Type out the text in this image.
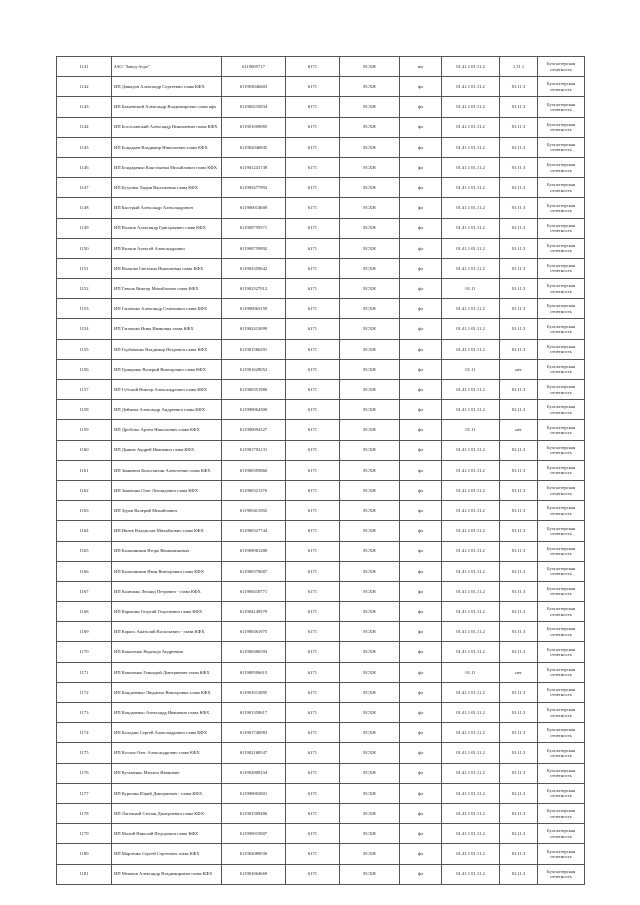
1141	ЗАО "Завод-Агро"	6119005717	6171	ЕСХН	юл	01.41.1 01.11.2	1.11.1	Бухгалтерская отчетность
1142	ИП Давыдов Александр Сергеевич глава КФХ	611903046603	6171	ЕСХН	фл	01.41.1 01.11.2	01.11.3	Бухгалтерская отчетность
1143	ИП Бакаевский Александр Владимирович глава кфх	611900235834	6171	ЕСХН	фл	01.41.1 01.11.2	01.11.3	Бухгалтерская отчетность
1144	ИП Богославский Александр Николаевич глава КФХ	611901009085	6171	ЕСХН	фл	01.41.1 01.11.2	01.11.3	Бухгалтерская отчетность
1145	ИП Бондарев Владимир Николаевич глава КФХ	611902046845	6171	ЕСХН	фл	01.41.1 01.11.2	01.11.3	Бухгалтерская отчетность
1146	ИП Бондаренко Константин Михайлович глава КФХ	611901241749	6171	ЕСХН	фл	01.41.1 01.11.2	01.11.3	Бухгалтерская отчетность
1147	ИП Бузулюк Лидия Васильевна глава КФХ	611905477992	6171	ЕСХН	фл	01.41.1 01.11.2	01.11.3	Бухгалтерская отчетность
1148	ИП Быстрый Александр Александрович	611900014600	6171	ЕСХН	фл	01.41.1 01.11.2	01.11.3	Бухгалтерская отчетность
1149	ИП Волков Александр Григорьевич глава КФХ	611900759571	6171	ЕСХН	фл	01.41.1 01.11.2	01.11.3	Бухгалтерская отчетность
1150	ИП Волков Алексей Александрович	611900759892	6171	ЕСХН	фл	01.41.1 01.11.2	01.11.3	Бухгалтерская отчетность
1151	ИП Волкова Светлана Николаевна глава КФХ	611902359642	6171	ЕСХН	фл	01.41.1 01.11.2	01.11.3	Бухгалтерская отчетность
1152	ИП Гаваль Виктор Михайлович глава КФХ	611902527012	6171	ЕСХН	фл	01.11	01.11.3	Бухгалтерская отчетность
1153	ИП Гапченко Александр Семенович глава КФХ	611900063159	6171	ЕСХН	фл	01.41.1 01.11.2	01.11.3	Бухгалтерская отчетность
1154	ИП Гапченко Нина Ивановна глава КФХ	611902413099	6171	ЕСХН	фл	01.41.1 01.11.2	01.11.3	Бухгалтерская отчетность
1155	ИП Горбаченко Владимир Петрович глава КФХ	611901566291	6171	ЕСХН	фл	01.41.1 01.11.2	01.11.3	Бухгалтерская отчетность
1156	ИП Грищенко Валерий Викторович глава КФХ	611901629052	6171	ЕСХН	фл	01.11	нет	Бухгалтерская отчетность
1157	ИП Губский Виктор Александрович глава КФХ	611900351980	6171	ЕСХН	фл	01.41.1 01.11.2	01.11.3	Бухгалтерская отчетность
1158	ИП Дейнека Александр Андреевич глава КФХ	611900064300	6171	ЕСХН	фл	01.41.1 01.11.2	01.11.3	Бухгалтерская отчетность
1159	ИП Дробітко Артем Николаевич глава КФХ	611900094327	6171	ЕСХН	фл	01.11	нет	Бухгалтерская отчетность
1160	ИП Дьяков Андрей Иванович глава КФХ	611901792131	6171	ЕСХН	фл	01.41.1 01.11.2	01.11.3	Бухгалтерская отчетность
1161	ИП Зинкевич Константин Алексеевич глава КФХ	611900395860	6171	ЕСХН	фл	01.41.1 01.11.2	01.11.3	Бухгалтерская отчетность
1162	ИП Зинченко Олег Леонидович глава КФХ	611900321370	6171	ЕСХН	фл	01.41.1 01.11.2	01.11.3	Бухгалтерская отчетность
1163	ИП Зуров Валерий Михайлович	611909411092	6171	ЕСХН	фл	01.41.1 01.11.2	01.11.3	Бухгалтерская отчетность
1164	ИП Ивлев Владислав Михайлович глава КФХ	611900327744	6171	ЕСХН	фл	01.41.1 01.11.2	01.11.3	Бухгалтерская отчетность
1165	ИП Калашников Игорь Вениаминович	611909061280	6171	ЕСХН	фл	01.41.1 01.11.2	01.11.3	Бухгалтерская отчетность
1166	ИП Калашников Иван Викторович глава КФХ	611900370687	6171	ЕСХН	фл	01.41.1 01.11.2	01.11.3	Бухгалтерская отчетность
1167	ИП Калюжко Леонид Петрович - глава КФХ	611900418771	6171	ЕСХН	фл	01.41.1 01.11.2	01.11.3	Бухгалтерская отчетность
1168	ИП Карашин Георгий Георгиевич глава КФХ	611904149579	6171	ЕСХН	фл	01.41.1 01.11.2	01.11.3	Бухгалтерская отчетность
1169	ИП Карась Анатолий Васильевич - глава КФХ	611900361975	6171	ЕСХН	фл	01.41.1 01.11.2	01.11.3	Бухгалтерская отчетность
1170	ИП Коваленко Надежда Андреевна	611900406593	6171	ЕСХН	фл	01.41.1 01.11.2	01.11.3	Бухгалтерская отчетность
1171	ИП Коваленко Геннадий Дмитриевич глава КФХ	611900506615	6171	ЕСХН	фл	01.11	нет	Бухгалтерская отчетность
1172	ИП Кондаченко Людмила Викторовна глава КФХ	611901013895	6171	ЕСХН	фл	01.41.1 01.11.2	01.11.3	Бухгалтерская отчетность
1173	ИП Кондаченко Александр Иванович глава КФХ	611901358617	6171	ЕСХН	фл	01.41.1 01.11.2	01.11.3	Бухгалтерская отчетность
1174	ИП Колодин Сергей Александрович глава КФХ	611901740083	6171	ЕСХН	фл	01.41.1 01.11.2	01.11.3	Бухгалтерская отчетность
1175	ИП Козлов Олег Александрович глава КФХ	611902168547	6171	ЕСХН	фл	01.41.1 01.11.2	01.11.3	Бухгалтерская отчетность
1176	ИП Кузьменко Михаил Иванович	611902800234	6171	ЕСХН	фл	01.41.1 01.11.2	01.11.3	Бухгалтерская отчетность
1177	ИП Курилин Юрий Дмитриевич - глава КФХ	611900002801	6171	ЕСХН	фл	01.41.1 01.11.2	01.11.3	Бухгалтерская отчетность
1178	ИП Лагочный Степан Дмитриевич глава КФХ	611901509486	6171	ЕСХН	фл	01.41.1 01.11.2	01.11.3	Бухгалтерская отчетность
1179	ИП Малий Николай Федорович глава КФХ	611900015807	6171	ЕСХН	фл	01.41.1 01.11.2	01.11.3	Бухгалтерская отчетность
1180	ИП Мартенко Сергей Сергеевич глава КФХ	611902089030	6171	ЕСХН	фл	01.41.1 01.11.2	01.11.3	Бухгалтерская отчетность
1181	ИП Мешков Александр Владимирович глава КФХ	611901064669	6171	ЕСХН	фл	01.41.1 01.11.2	01.11.3	Бухгалтерская отчетность
